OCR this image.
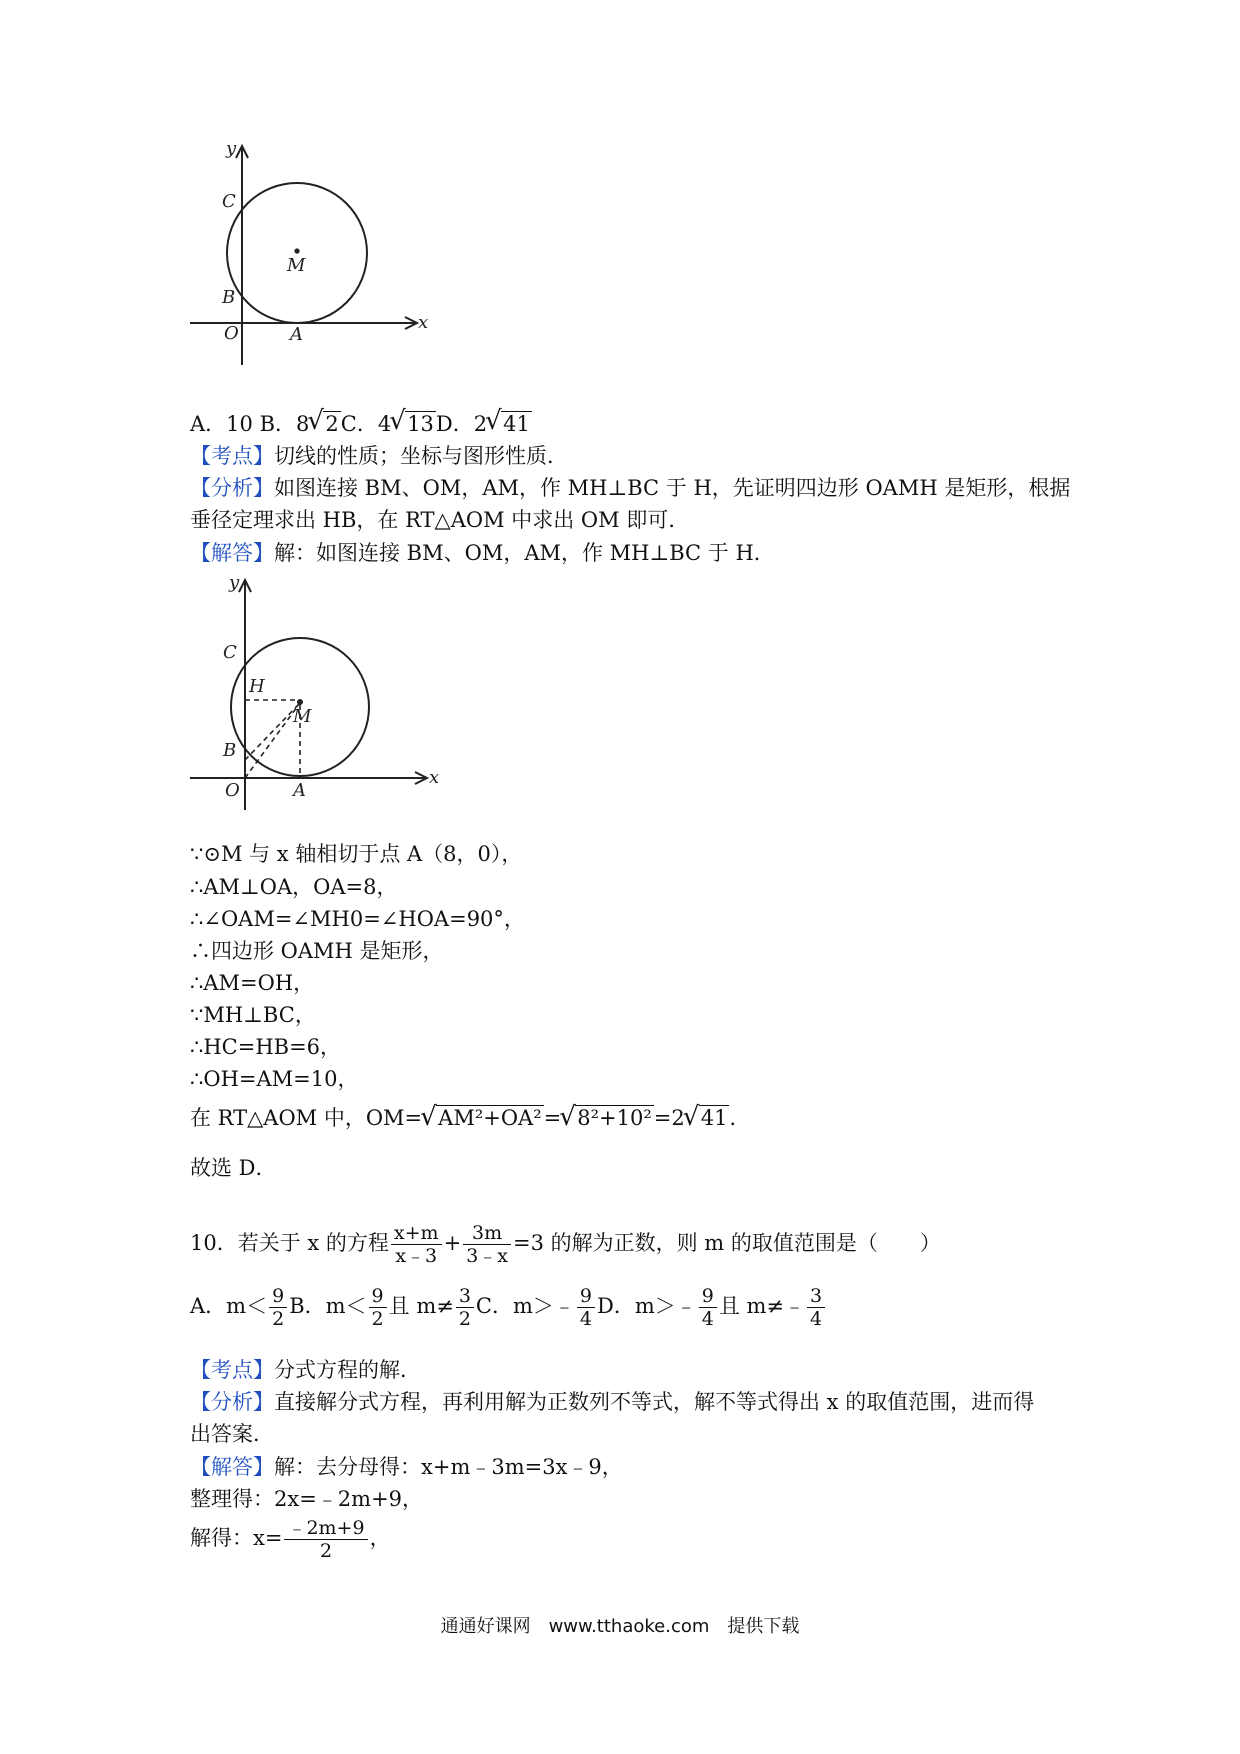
y
x
C
B
O	A
M
A．10 B．8 √ 2C．4 √ 13D．2 √ 41
【考点】切线的性质；坐标与图形性质．
【分析】如图连接 BM、OM，AM，作 MH⊥BC 于 H，先证明四边形 OAMH 是矩形，根据
垂径定理求出 HB，在 RT△AOM 中求出 OM 即可．
【解答】解：如图连接 BM、OM，AM，作 MH⊥BC 于 H．
y
x
C
H
B
O	A
M
∵⊙M 与 x 轴相切于点 A（8，0），
∴AM⊥OA，OA=8，
∴∠OAM=∠MH0=∠HOA=90°，
∴四边形 OAMH 是矩形，
∴AM=OH，
∵MH⊥BC，
∴HC=HB=6，
∴OH=AM=10，
在 RT△AOM 中，OM= √ AM²+OA²= √ 8²+10²=2 √ 41．
故选 D．
10．若关于 x 的方程 $\frac{x+m}{x﹣3} + \frac{3m}{3﹣x} =3$ 的解为正数，则 m 的取值范围是（　　）
A．$m< \frac{9}{2}$ B．$m< \frac{9}{2}$ 且 $m\ne \frac{3}{2}$ C．m＞﹣ $\frac{9}{4}$ D．m＞﹣ $\frac{9}{4}$ 且 m≠﹣ $\frac{3}{4}$
【考点】分式方程的解．
【分析】直接解分式方程，再利用解为正数列不等式，解不等式得出 x 的取值范围，进而得
出答案．
【解答】解：去分母得：x+m﹣3m=3x﹣9，
整理得：2x=﹣2m+9，
解得：$x= \frac{﹣2m+9}{2}$ ，
通通好课网　www.tthaoke.com　提供下载
